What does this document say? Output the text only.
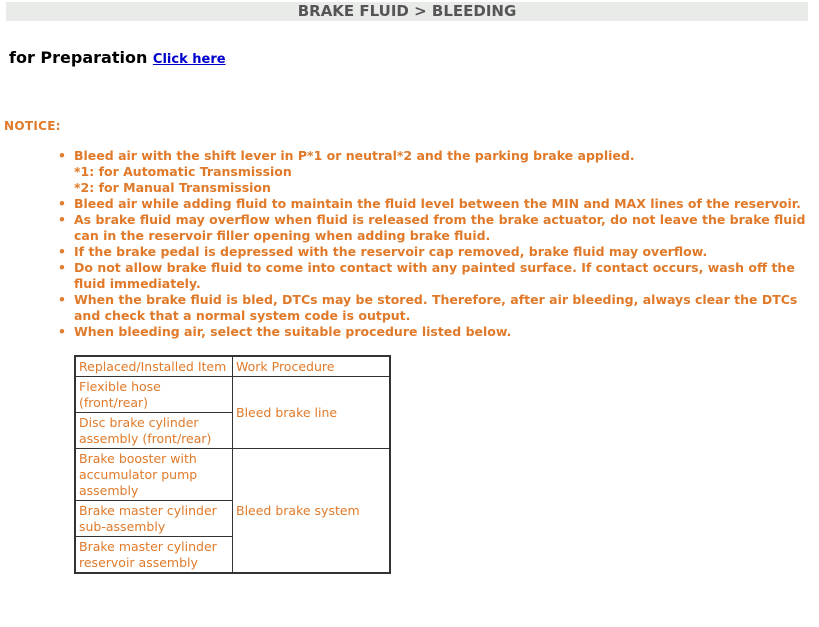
BRAKE FLUID > BLEEDING
for Preparation Click here
NOTICE:
• Bleed air with the shift lever in P*1 or neutral*2 and the parking brake applied.
*1: for Automatic Transmission
*2: for Manual Transmission
• Bleed air while adding fluid to maintain the fluid level between the MIN and MAX lines of the reservoir.
• As brake fluid may overflow when fluid is released from the brake actuator, do not leave the brake fluid can in the reservoir filler opening when adding brake fluid.
• If the brake pedal is depressed with the reservoir cap removed, brake fluid may overflow.
• Do not allow brake fluid to come into contact with any painted surface. If contact occurs, wash off the fluid immediately.
• When the brake fluid is bled, DTCs may be stored. Therefore, after air bleeding, always clear the DTCs and check that a normal system code is output.
• When bleeding air, select the suitable procedure listed below.
Replaced/Installed Item	Work Procedure
Flexible hose (front/rear)	Bleed brake line
Disc brake cylinder assembly (front/rear)	
Brake booster with accumulator pump assembly	Bleed brake system
Brake master cylinder sub-assembly	
Brake master cylinder reservoir assembly	
